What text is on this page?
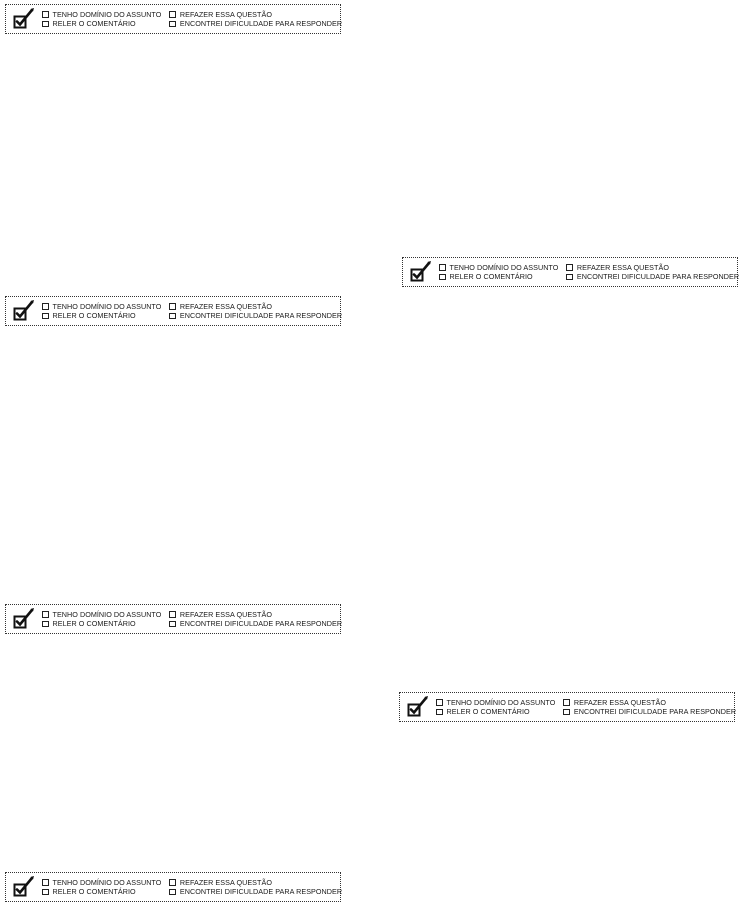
TENHO DOMÍNIO DO ASSUNTO	REFAZER ESSA QUESTÃO
RELER O COMENTÁRIO	ENCONTREI DIFICULDADE PARA RESPONDER
TENHO DOMÍNIO DO ASSUNTO	REFAZER ESSA QUESTÃO
RELER O COMENTÁRIO	ENCONTREI DIFICULDADE PARA RESPONDER
TENHO DOMÍNIO DO ASSUNTO	REFAZER ESSA QUESTÃO
RELER O COMENTÁRIO	ENCONTREI DIFICULDADE PARA RESPONDER
TENHO DOMÍNIO DO ASSUNTO	REFAZER ESSA QUESTÃO
RELER O COMENTÁRIO	ENCONTREI DIFICULDADE PARA RESPONDER
TENHO DOMÍNIO DO ASSUNTO	REFAZER ESSA QUESTÃO
RELER O COMENTÁRIO	ENCONTREI DIFICULDADE PARA RESPONDER
TENHO DOMÍNIO DO ASSUNTO	REFAZER ESSA QUESTÃO
RELER O COMENTÁRIO	ENCONTREI DIFICULDADE PARA RESPONDER
